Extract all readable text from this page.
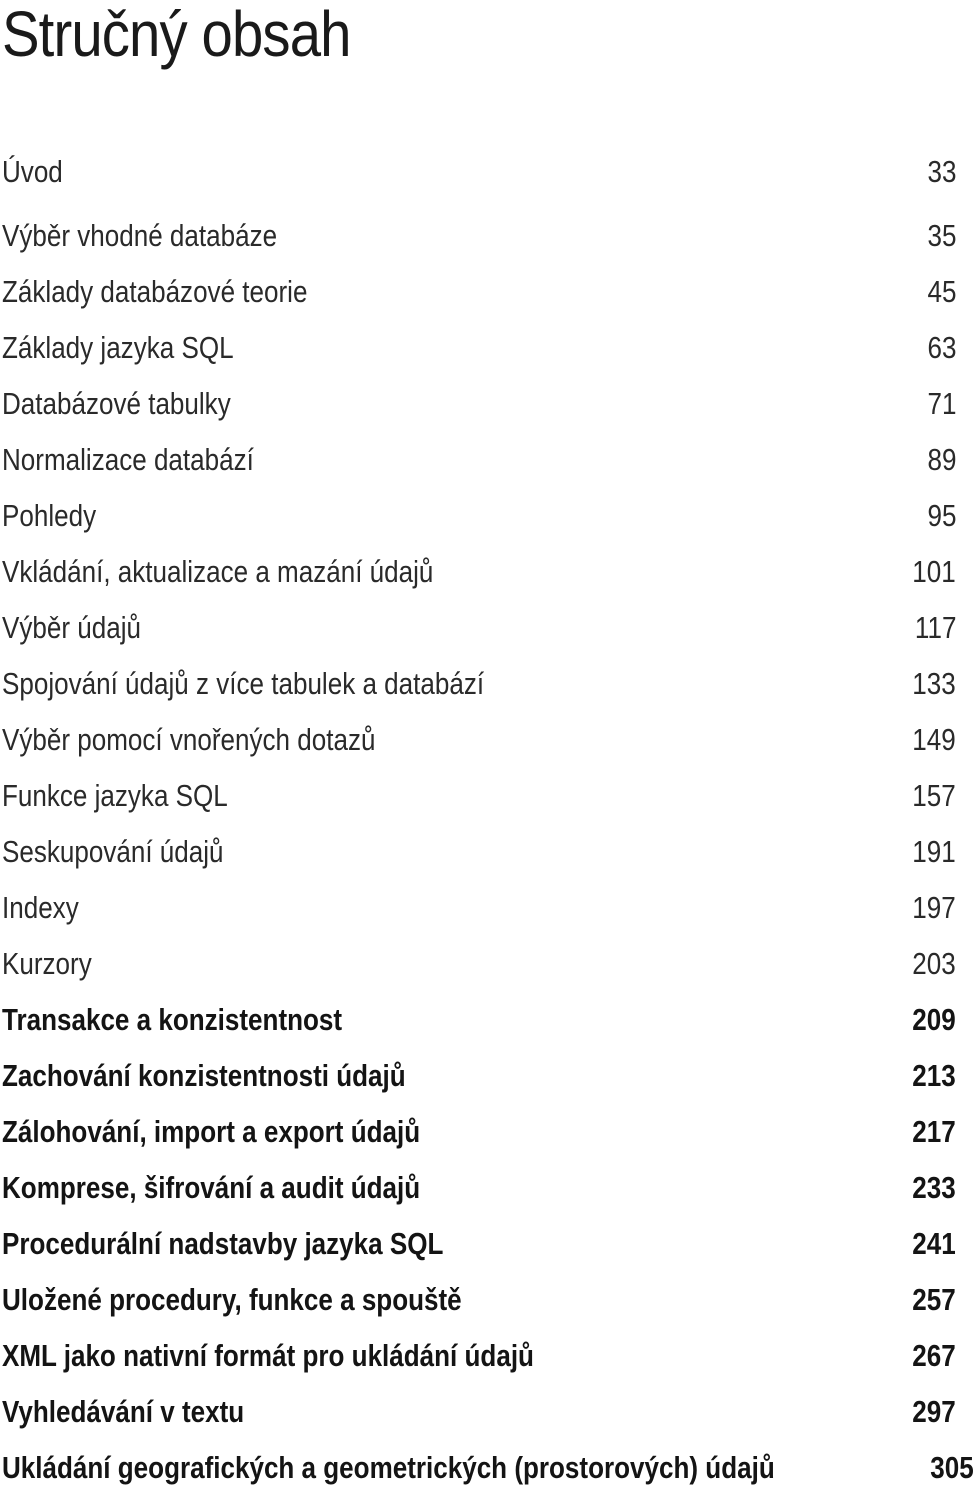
Stručný obsah
Úvod	33
Výběr vhodné databáze	35
Základy databázové teorie	45
Základy jazyka SQL	63
Databázové tabulky	71
Normalizace databází	89
Pohledy	95
Vkládání, aktualizace a mazání údajů	101
Výběr údajů	117
Spojování údajů z více tabulek a databází	133
Výběr pomocí vnořených dotazů	149
Funkce jazyka SQL	157
Seskupování údajů	191
Indexy	197
Kurzory	203
Transakce a konzistentnost	209
Zachování konzistentnosti údajů	213
Zálohování, import a export údajů	217
Komprese, šifrování a audit údajů	233
Procedurální nadstavby jazyka SQL	241
Uložené procedury, funkce a spouště	257
XML jako nativní formát pro ukládání údajů	267
Vyhledávání v textu	297
Ukládání geografických a geometrických (prostorových) údajů	305
